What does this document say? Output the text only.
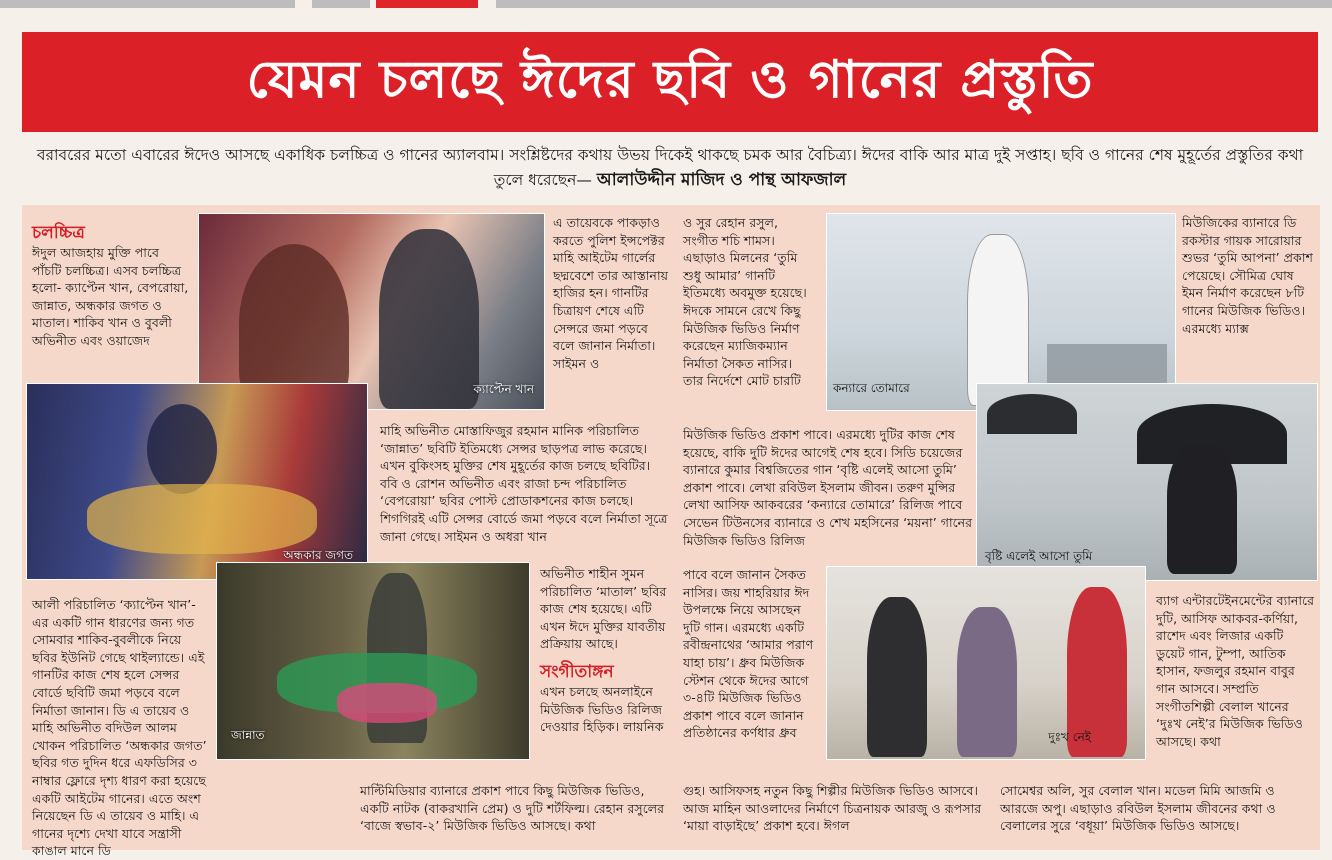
যেমন চলছে ঈদের ছবি ও গানের প্রস্তুতি
বরাবরের মতো এবারের ঈদেও আসছে একাধিক চলচ্চিত্র ও গানের অ্যালবাম। সংশ্লিষ্টদের কথায় উভয় দিকেই থাকছে চমক আর বৈচিত্র্য। ঈদের বাকি আর মাত্র দুই সপ্তাহ। ছবি ও গানের শেষ মুহূর্তের প্রস্তুতির কথা তুলে ধরেছেন— আলাউদ্দীন মাজিদ ও পান্থ আফজাল
ক্যাপ্টেন খান
অন্ধকার জগত
জান্নাত
কন্যারে তোমারে
বৃষ্টি এলেই আসো তুমি
দুঃখ নেই
চলচ্চিত্র

ঈদুল আজহায় মুক্তি পাবে পাঁচটি চলচ্চিত্র। এসব চলচ্চিত্র হলো- ক্যাপ্টেন খান, বেপরোয়া, জান্নাত, অন্ধকার জগত ও মাতাল। শাকিব খান ও বুবলী অভিনীত এবং ওয়াজেদ

আলী পরিচালিত ‘ক্যাপ্টেন খান’-এর একটি গান ধারণের জন্য গত সোমবার শাকিব-বুবলীকে নিয়ে ছবির ইউনিট গেছে থাইল্যান্ডে। এই গানটির কাজ শেষ হলে সেন্সর বোর্ডে ছবিটি জমা পড়বে বলে নির্মাতা জানান। ডি এ তায়েব ও মাহি অভিনীত বদিউল আলম খোকন পরিচালিত ‘অন্ধকার জগত’ ছবির গত দুদিন ধরে এফডিসির ৩ নাম্বার ফ্লোরে দৃশ্য ধারণ করা হয়েছে একটি আইটেম গানের। এতে অংশ নিয়েছেন ডি এ তায়েব ও মাহি। এ গানের দৃশ্যে দেখা যাবে সন্ত্রাসী কাঙাল মানে ডি

এ তায়েবকে পাকড়াও করতে পুলিশ ইন্সপেক্টর মাহি আইটেম গার্লের ছদ্মবেশে তার আস্তানায় হাজির হন। গানটির চিত্রায়ণ শেষে এটি সেন্সরে জমা পড়বে বলে জানান নির্মাতা। সাইমন ও

মাহি অভিনীত মোস্তাফিজুর রহমান মানিক পরিচালিত ‘জান্নাত’ ছবিটি ইতিমধ্যে সেন্সর ছাড়পত্র লাভ করেছে। এখন বুকিংসহ মুক্তির শেষ মুহূর্তের কাজ চলছে ছবিটির। ববি ও রোশন অভিনীত এবং রাজা চন্দ পরিচালিত ‘বেপরোয়া’ ছবির পোস্ট প্রোডাকশনের কাজ চলছে। শিগগিরই এটি সেন্সর বোর্ডে জমা পড়বে বলে নির্মাতা সূত্রে জানা গেছে। সাইমন ও অধরা খান

অভিনীত শাহীন সুমন পরিচালিত ‘মাতাল’ ছবির কাজ শেষ হয়েছে। এটি এখন ঈদে মুক্তির যাবতীয় প্রক্রিয়ায় আছে।

সংগীতাঙ্গন

এখন চলছে অনলাইনে মিউজিক ভিডিও রিলিজ দেওয়ার হিড়িক। লায়নিক

মাল্টিমিডিয়ার ব্যানারে প্রকাশ পাবে কিছু মিউজিক ভিডিও, একটি নাটক (বাকরখানি প্রেম) ও দুটি শর্টফিল্ম। রেহান রসুলের ‘বাজে স্বভাব-২’ মিউজিক ভিডিও আসছে। কথা

ও সুর রেহান রসুল, সংগীত শচি শামস। এছাড়াও মিলনের ‘তুমি শুধু আমার’ গানটি ইতিমধ্যে অবমুক্ত হয়েছে। ঈদকে সামনে রেখে কিছু মিউজিক ভিডিও নির্মাণ করেছেন ম্যাজিকম্যান নির্মাতা সৈকত নাসির। তার নির্দেশে মোট চারটি

মিউজিক ভিডিও প্রকাশ পাবে। এরমধ্যে দুটির কাজ শেষ হয়েছে, বাকি দুটি ঈদের আগেই শেষ হবে। সিডি চয়েজের ব্যানারে কুমার বিশ্বজিতের গান ‘বৃষ্টি এলেই আসো তুমি’ প্রকাশ পাবে। লেখা রবিউল ইসলাম জীবন। তরুণ মুন্সির লেখা আসিফ আকবরের ‘কন্যারে তোমারে’ রিলিজ পাবে সেভেন টিউনসের ব্যানারে ও শেখ মহসিনের ‘ময়না’ গানের মিউজিক ভিডিও রিলিজ

পাবে বলে জানান সৈকত নাসির। জয় শাহরিয়ার ঈদ উপলক্ষে নিয়ে আসছেন দুটি গান। এরমধ্যে একটি রবীন্দ্রনাথের ‘আমার পরাণ যাহা চায়’। ধ্রুব মিউজিক স্টেশন থেকে ঈদের আগে ৩-৪টি মিউজিক ভিডিও প্রকাশ পাবে বলে জানান প্রতিষ্ঠানের কর্ণধার ধ্রুব

গুহ। আসিফসহ নতুন কিছু শিল্পীর মিউজিক ভিডিও আসবে। আজ মাহিন আওলাদের নির্মাণে চিত্রনায়ক আরজু ও রূপসার ‘মায়া বাড়াইছে’ প্রকাশ হবে। ঈগল

মিউজিকের ব্যানারে ডি রকস্টার গায়ক সারোয়ার শুভর ‘তুমি আপনা’ প্রকাশ পেয়েছে। সৌমিত্র ঘোষ ইমন নির্মাণ করেছেন ৮টি গানের মিউজিক ভিডিও। এরমধ্যে ম্যাক্স

ব্যাগ এন্টারটেইনমেন্টের ব্যানারে দুটি, আসিফ আকবর-কর্ণিয়া, রাশেদ এবং লিজার একটি ডুয়েট গান, টুম্পা, আতিক হাসান, ফজলুর রহমান বাবুর গান আসবে। সম্প্রতি সংগীতশিল্পী বেলাল খানের ‘দুঃখ নেই’র মিউজিক ভিডিও আসছে। কথা

সোমেশ্বর অলি, সুর বেলাল খান। মডেল মিমি আজমি ও আরজে অপু। এছাড়াও রবিউল ইসলাম জীবনের কথা ও বেলালের সুরে ‘বধূয়া’ মিউজিক ভিডিও আসছে।
